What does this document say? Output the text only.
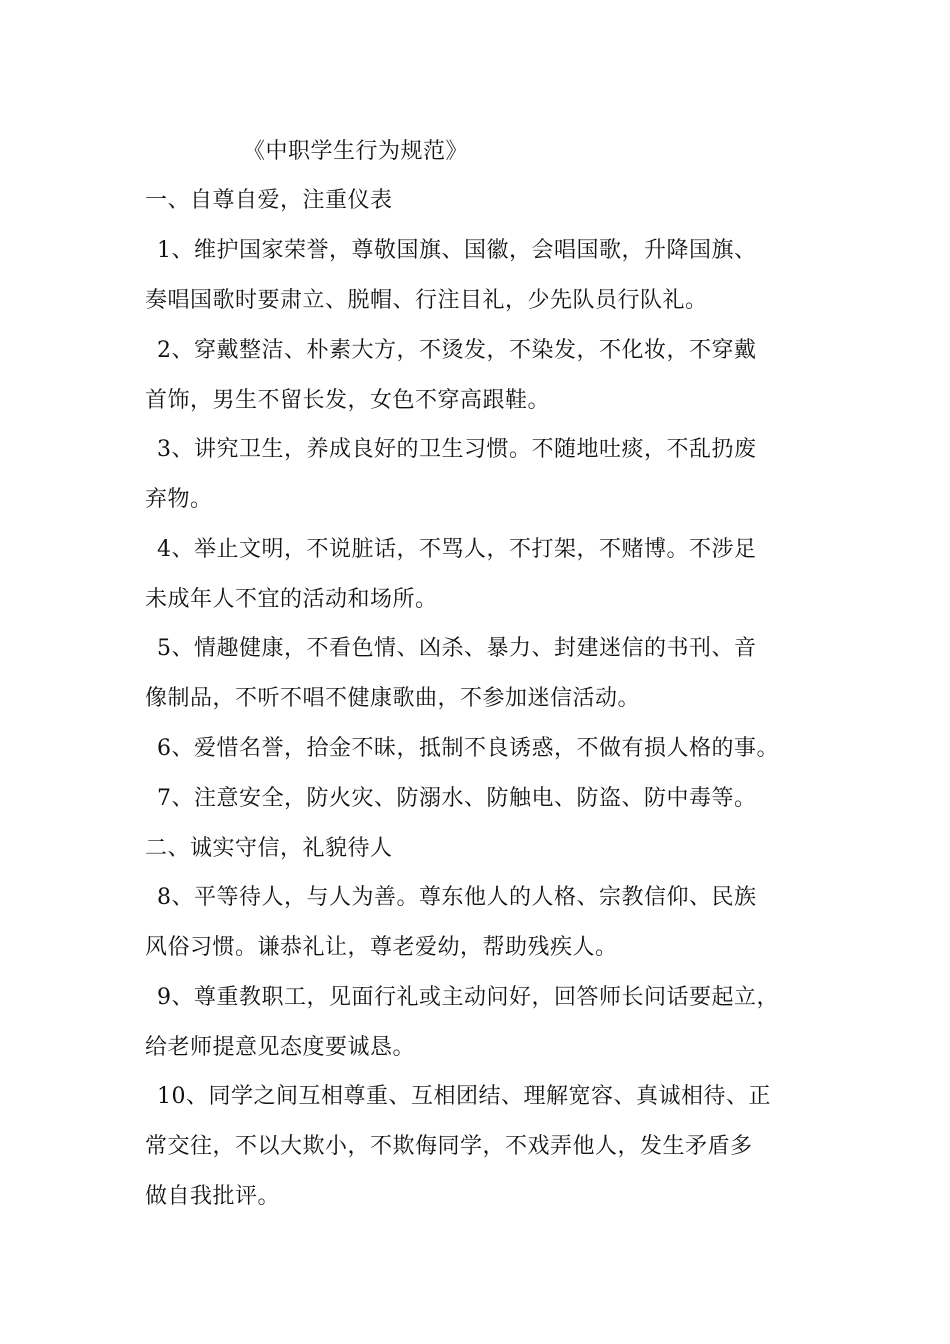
《中职学生行为规范》
一、自尊自爱，注重仪表
1、维护国家荣誉，尊敬国旗、国徽，会唱国歌，升降国旗、
奏唱国歌时要肃立、脱帽、行注目礼，少先队员行队礼。
2、穿戴整洁、朴素大方，不烫发，不染发，不化妆，不穿戴
首饰，男生不留长发，女色不穿高跟鞋。
3、讲究卫生，养成良好的卫生习惯。不随地吐痰，不乱扔废
弃物。
4、举止文明，不说脏话，不骂人，不打架，不赌博。不涉足
未成年人不宜的活动和场所。
5、情趣健康，不看色情、凶杀、暴力、封建迷信的书刊、音
像制品，不听不唱不健康歌曲，不参加迷信活动。
6、爱惜名誉，拾金不昧，抵制不良诱惑，不做有损人格的事。
7、注意安全，防火灾、防溺水、防触电、防盗、防中毒等。
二、诚实守信，礼貌待人
8、平等待人，与人为善。尊东他人的人格、宗教信仰、民族
风俗习惯。谦恭礼让，尊老爱幼，帮助残疾人。
9、尊重教职工，见面行礼或主动问好，回答师长问话要起立，
给老师提意见态度要诚恳。
10、同学之间互相尊重、互相团结、理解宽容、真诚相待、正
常交往，不以大欺小，不欺侮同学，不戏弄他人，发生矛盾多
做自我批评。
